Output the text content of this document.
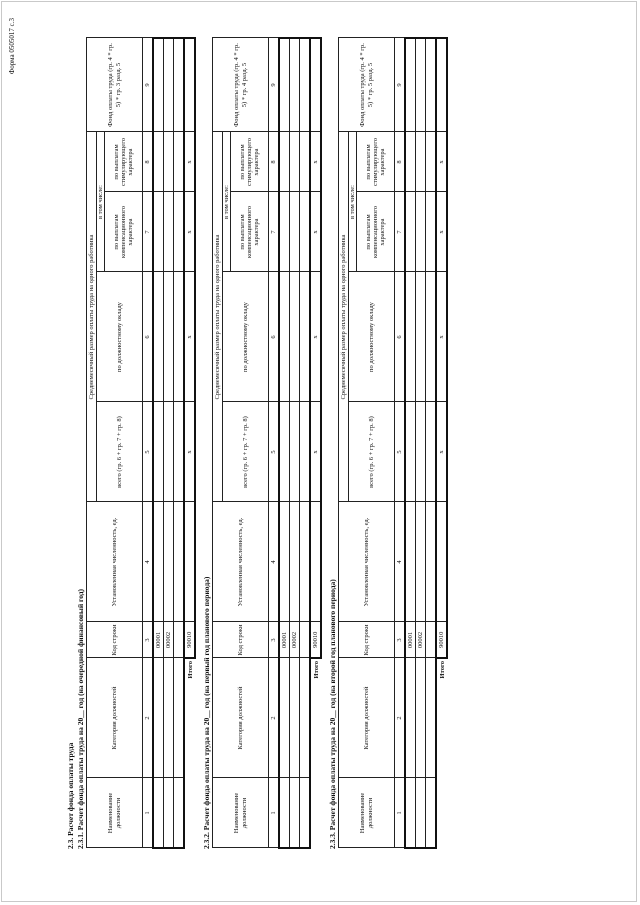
Форма 0505017 с.3
2.3. Расчет фонда оплаты труда 2.3.1. Расчет фонда оплаты труда на 20__ год (на очередной финансовый год)	Наименование должности	Категория должностей	Код строки	Установленная численность, ед.	Среднемесячный размер оплаты труда на одного работника				Фонд оплаты труда (гр. 4 * гр. 5) * гр. 3 разд. 5
				всего (гр. 6 + гр. 7 + гр. 8)	по должностному окладу	в том числе:		
						по выплатам компенсационного характера	по выплатам стимулирующего характера	
1	2	3	4	5	6	7	8	9
		00001						
		00002						

Итого		90010		x	x	x	x	
2.3.2. Расчет фонда оплаты труда на 20__ год (на первый год планового периода)	Наименование должности	Категория должностей	Код строки	Установленная численность, ед.	Среднемесячный размер оплаты труда на одного работника				Фонд оплаты труда (гр. 4 * гр. 5) * гр. 4 разд. 5
				всего (гр. 6 + гр. 7 + гр. 8)	по должностному окладу	в том числе:		
						по выплатам компенсационного характера	по выплатам стимулирующего характера	
1	2	3	4	5	6	7	8	9
		00001						
		00002						

Итого		90010		x	x	x	x	
2.3.3. Расчет фонда оплаты труда на 20__ год (на второй год планового периода)	Наименование должности	Категория должностей	Код строки	Установленная численность, ед.	Среднемесячный размер оплаты труда на одного работника				Фонд оплаты труда (гр. 4 * гр. 5) * гр. 5 разд. 5
				всего (гр. 6 + гр. 7 + гр. 8)	по должностному окладу	в том числе:		
						по выплатам компенсационного характера	по выплатам стимулирующего характера	
1	2	3	4	5	6	7	8	9
		00001						
		00002						

Итого		90010		x	x	x	x	
